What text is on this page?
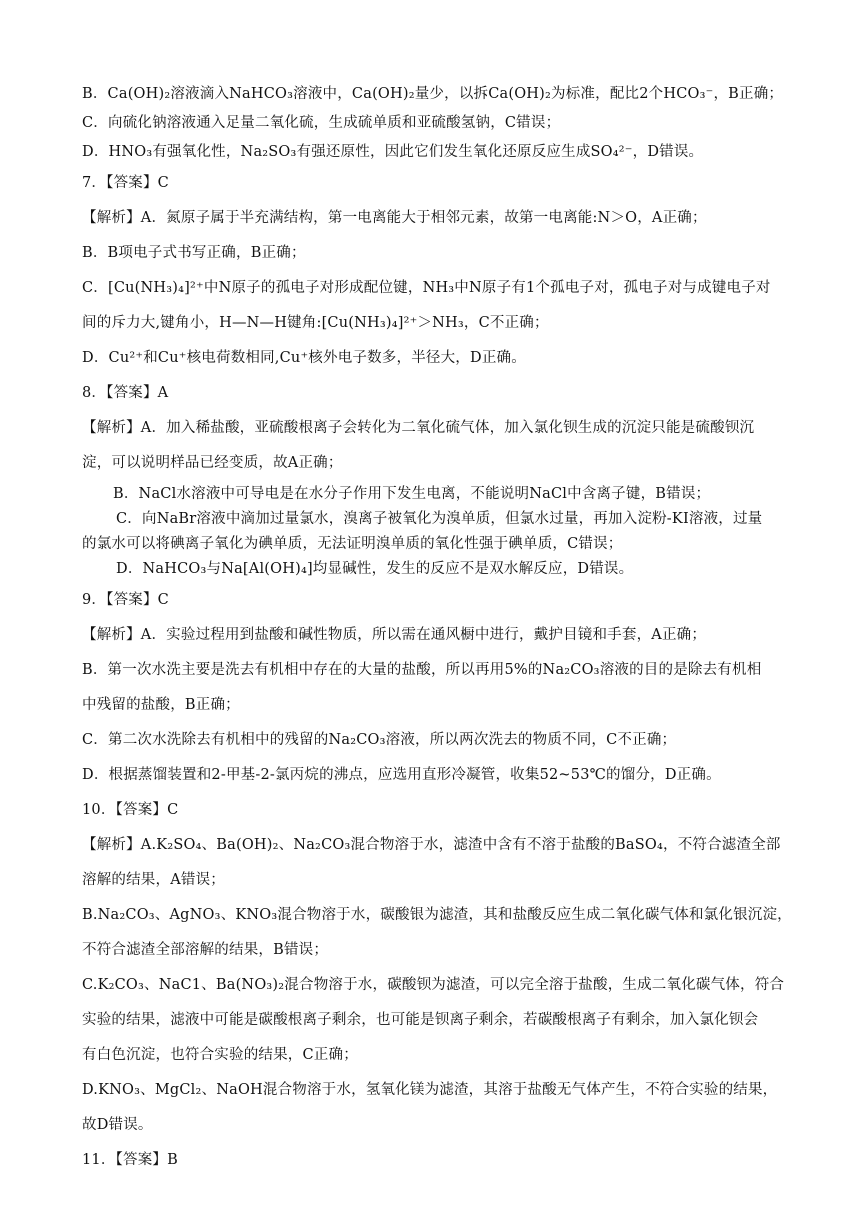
B．Ca(OH)₂溶液滴入NaHCO₃溶液中，Ca(OH)₂量少，以拆Ca(OH)₂为标准，配比2个HCO₃⁻，B正确；
C．向硫化钠溶液通入足量二氧化硫，生成硫单质和亚硫酸氢钠，C错误；
D．HNO₃有强氧化性，Na₂SO₃有强还原性，因此它们发生氧化还原反应生成SO₄²⁻，D错误。
7．【答案】C
【解析】A．氮原子属于半充满结构，第一电离能大于相邻元素，故第一电离能:N＞O，A正确；
B．B项电子式书写正确，B正确；
C．[Cu(NH₃)₄]²⁺中N原子的孤电子对形成配位键，NH₃中N原子有1个孤电子对，孤电子对与成键电子对
间的斥力大,键角小，H—N—H键角:[Cu(NH₃)₄]²⁺＞NH₃，C不正确；
D．Cu²⁺和Cu⁺核电荷数相同,Cu⁺核外电子数多，半径大，D正确。
8．【答案】A
【解析】A．加入稀盐酸，亚硫酸根离子会转化为二氧化硫气体，加入氯化钡生成的沉淀只能是硫酸钡沉
淀，可以说明样品已经变质，故A正确；
B．NaCl水溶液中可导电是在水分子作用下发生电离，不能说明NaCl中含离子键，B错误；
C．向NaBr溶液中滴加过量氯水，溴离子被氧化为溴单质，但氯水过量，再加入淀粉-KI溶液，过量
的氯水可以将碘离子氧化为碘单质，无法证明溴单质的氧化性强于碘单质，C错误；
D．NaHCO₃与Na[Al(OH)₄]均显碱性，发生的反应不是双水解反应，D错误。
9．【答案】C
【解析】A．实验过程用到盐酸和碱性物质，所以需在通风橱中进行，戴护目镜和手套，A正确；
B．第一次水洗主要是洗去有机相中存在的大量的盐酸，所以再用5%的Na₂CO₃溶液的目的是除去有机相
中残留的盐酸，B正确；
C．第二次水洗除去有机相中的残留的Na₂CO₃溶液，所以两次洗去的物质不同，C不正确；
D．根据蒸馏装置和2-甲基-2-氯丙烷的沸点，应选用直形冷凝管，收集52~53℃的馏分，D正确。
10．【答案】C
【解析】A.K₂SO₄、Ba(OH)₂、Na₂CO₃混合物溶于水，滤渣中含有不溶于盐酸的BaSO₄，不符合滤渣全部
溶解的结果，A错误；
B.Na₂CO₃、AgNO₃、KNO₃混合物溶于水，碳酸银为滤渣，其和盐酸反应生成二氧化碳气体和氯化银沉淀，
不符合滤渣全部溶解的结果，B错误；
C.K₂CO₃、NaC1、Ba(NO₃)₂混合物溶于水，碳酸钡为滤渣，可以完全溶于盐酸，生成二氧化碳气体，符合
实验的结果，滤液中可能是碳酸根离子剩余，也可能是钡离子剩余，若碳酸根离子有剩余，加入氯化钡会
有白色沉淀，也符合实验的结果，C正确；
D.KNO₃、MgCl₂、NaOH混合物溶于水，氢氧化镁为滤渣，其溶于盐酸无气体产生，不符合实验的结果，
故D错误。
11．【答案】B
